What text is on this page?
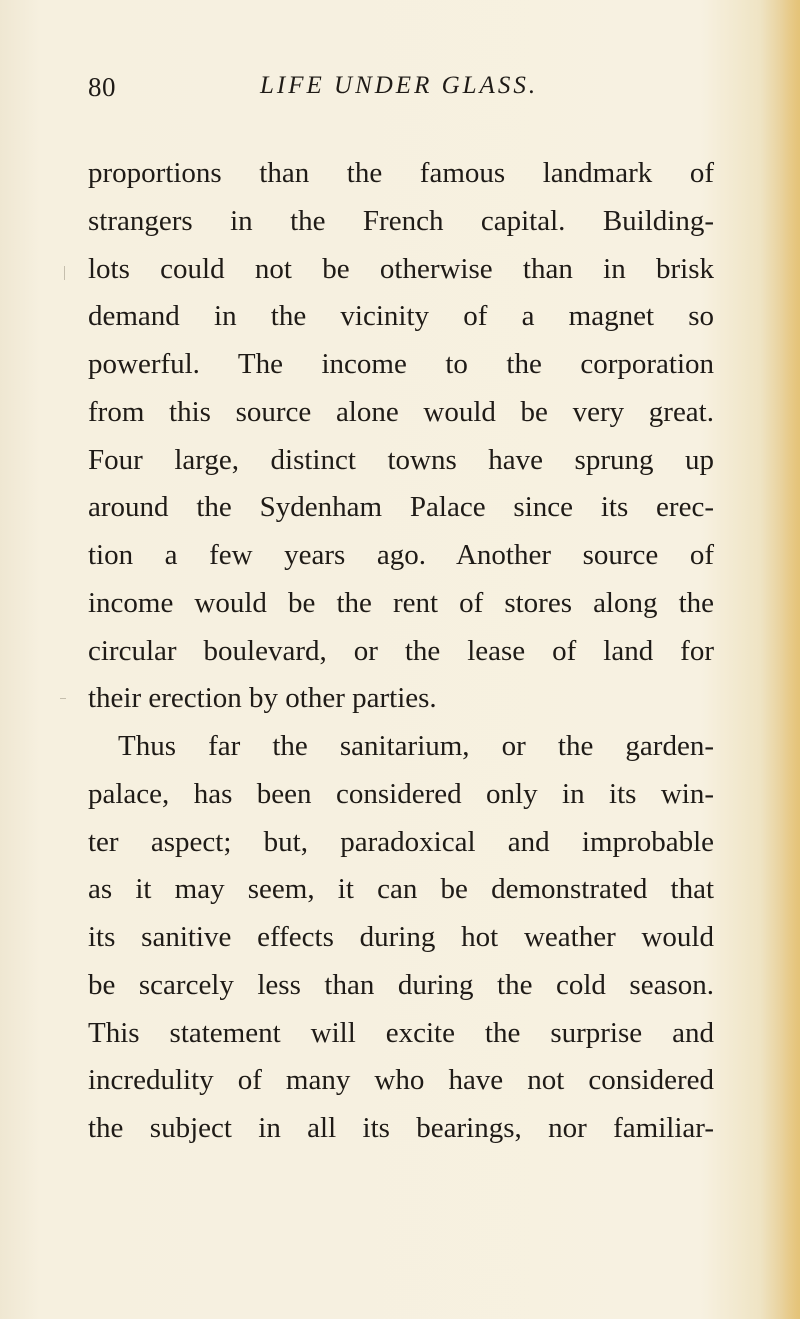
80	LIFE UNDER GLASS.
proportions than the famous landmark of
strangers in the French capital. Building-
lots could not be otherwise than in brisk
demand in the vicinity of a magnet so
powerful. The income to the corporation
from this source alone would be very great.
Four large, distinct towns have sprung up
around the Sydenham Palace since its erec-
tion a few years ago. Another source of
income would be the rent of stores along the
circular boulevard, or the lease of land for
their erection by other parties.
Thus far the sanitarium, or the garden-
palace, has been considered only in its win-
ter aspect; but, paradoxical and improbable
as it may seem, it can be demonstrated that
its sanitive effects during hot weather would
be scarcely less than during the cold season.
This statement will excite the surprise and
incredulity of many who have not considered
the subject in all its bearings, nor familiar-
